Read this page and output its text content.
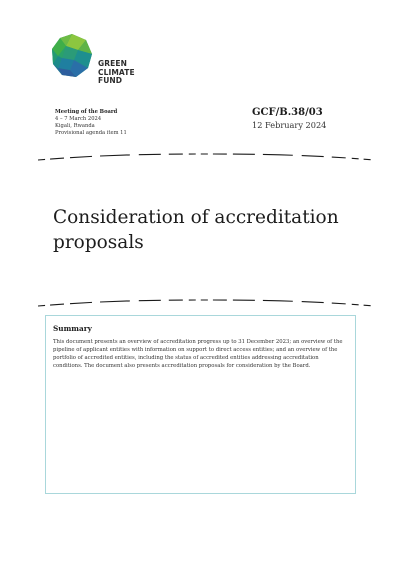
GREEN
CLIMATE
FUND
Meeting of the Board
4 – 7 March 2024
Kigali, Rwanda
Provisional agenda item 11
GCF/B.38/03
12 February 2024
Consideration of accreditation proposals
Summary

This document presents an overview of accreditation progress up to 31 December 2023; an overview of the pipeline of applicant entities with information on support to direct access entities; and an overview of the portfolio of accredited entities, including the status of accredited entities addressing accreditation conditions. The document also presents accreditation proposals for consideration by the Board.
